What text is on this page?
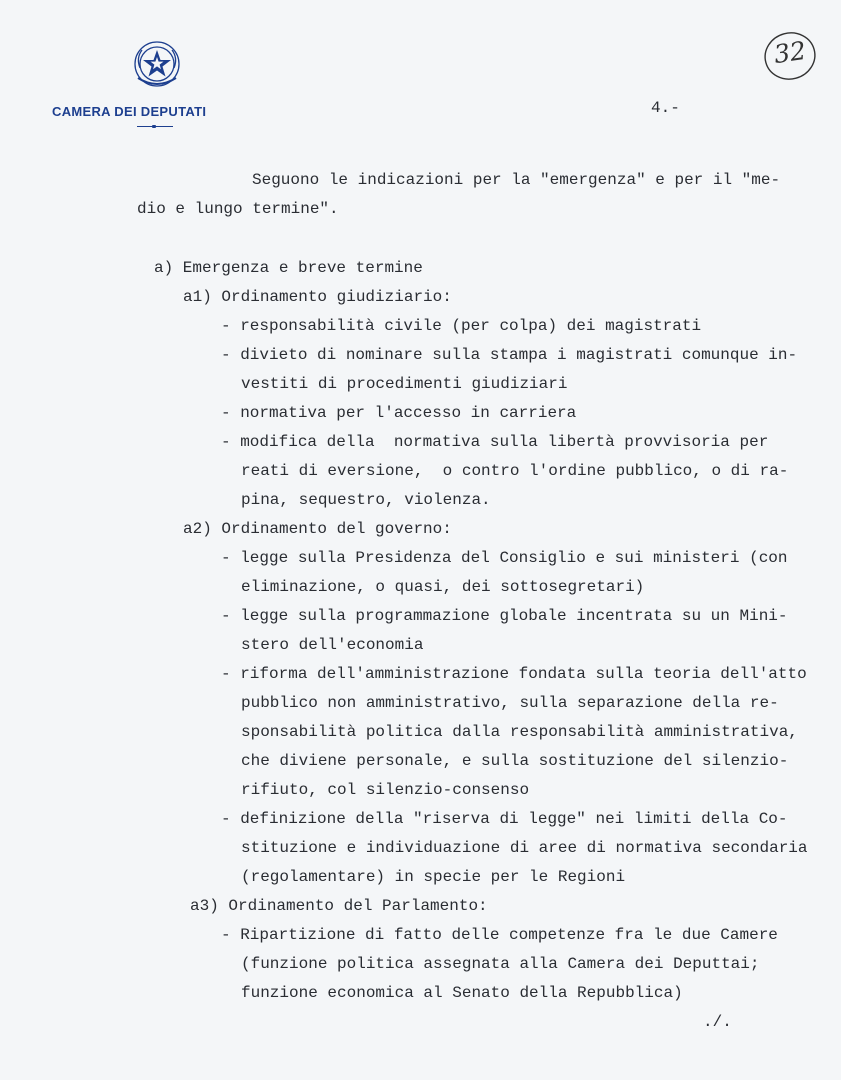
CAMERA DEI DEPUTATI	4.-
32
Seguono le indicazioni per la "emergenza" e per il "me-
dio e lungo termine".
a) Emergenza e breve termine
a1) Ordinamento giudiziario:
- responsabilità civile (per colpa) dei magistrati
- divieto di nominare sulla stampa i magistrati comunque in-
vestiti di procedimenti giudiziari
- normativa per l'accesso in carriera
- modifica della  normativa sulla libertà provvisoria per
reati di eversione,  o contro l'ordine pubblico, o di ra-
pina, sequestro, violenza.
a2) Ordinamento del governo:
- legge sulla Presidenza del Consiglio e sui ministeri (con
eliminazione, o quasi, dei sottosegretari)
- legge sulla programmazione globale incentrata su un Mini-
stero dell'economia
- riforma dell'amministrazione fondata sulla teoria dell'atto
pubblico non amministrativo, sulla separazione della re-
sponsabilità politica dalla responsabilità amministrativa,
che diviene personale, e sulla sostituzione del silenzio-
rifiuto, col silenzio-consenso
- definizione della "riserva di legge" nei limiti della Co-
stituzione e individuazione di aree di normativa secondaria
(regolamentare) in specie per le Regioni
a3) Ordinamento del Parlamento:
- Ripartizione di fatto delle competenze fra le due Camere
(funzione politica assegnata alla Camera dei Deputtai;
funzione economica al Senato della Repubblica)
./.
